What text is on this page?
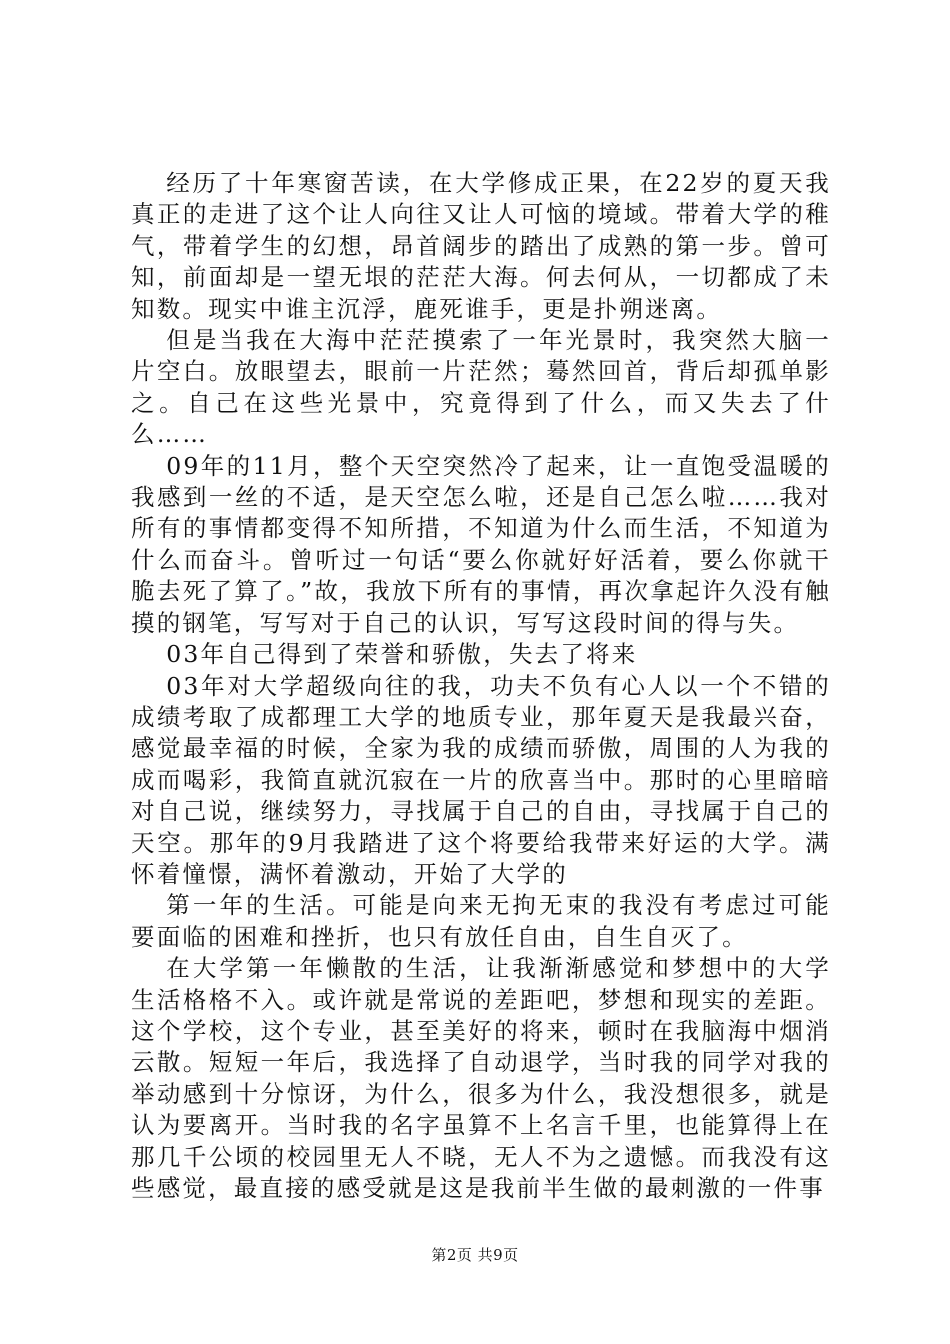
经历了十年寒窗苦读，在大学修成正果，在22岁的夏天我真正的走进了这个让人向往又让人可恼的境域。带着大学的稚气，带着学生的幻想，昂首阔步的踏出了成熟的第一步。曾可知，前面却是一望无垠的茫茫大海。何去何从，一切都成了未知数。现实中谁主沉浮，鹿死谁手，更是扑朔迷离。

但是当我在大海中茫茫摸索了一年光景时，我突然大脑一片空白。放眼望去，眼前一片茫然；蓦然回首，背后却孤单影之。自己在这些光景中，究竟得到了什么，而又失去了什么……

09年的11月，整个天空突然冷了起来，让一直饱受温暖的我感到一丝的不适，是天空怎么啦，还是自己怎么啦……我对所有的事情都变得不知所措，不知道为什么而生活，不知道为什么而奋斗。曾听过一句话“要么你就好好活着，要么你就干脆去死了算了。”故，我放下所有的事情，再次拿起许久没有触摸的钢笔，写写对于自己的认识，写写这段时间的得与失。

03年自己得到了荣誉和骄傲，失去了将来

03年对大学超级向往的我，功夫不负有心人以一个不错的成绩考取了成都理工大学的地质专业，那年夏天是我最兴奋，感觉最幸福的时候，全家为我的成绩而骄傲，周围的人为我的成而喝彩，我简直就沉寂在一片的欣喜当中。那时的心里暗暗对自己说，继续努力，寻找属于自己的自由，寻找属于自己的天空。那年的9月我踏进了这个将要给我带来好运的大学。满怀着憧憬，满怀着激动，开始了大学的

第一年的生活。可能是向来无拘无束的我没有考虑过可能要面临的困难和挫折，也只有放任自由，自生自灭了。

在大学第一年懒散的生活，让我渐渐感觉和梦想中的大学生活格格不入。或许就是常说的差距吧，梦想和现实的差距。这个学校，这个专业，甚至美好的将来，顿时在我脑海中烟消云散。短短一年后，我选择了自动退学，当时我的同学对我的举动感到十分惊讶，为什么，很多为什么，我没想很多，就是认为要离开。当时我的名字虽算不上名言千里，也能算得上在那几千公顷的校园里无人不晓，无人不为之遗憾。而我没有这些感觉，最直接的感受就是这是我前半生做的最刺激的一件事

第2页 共9页
